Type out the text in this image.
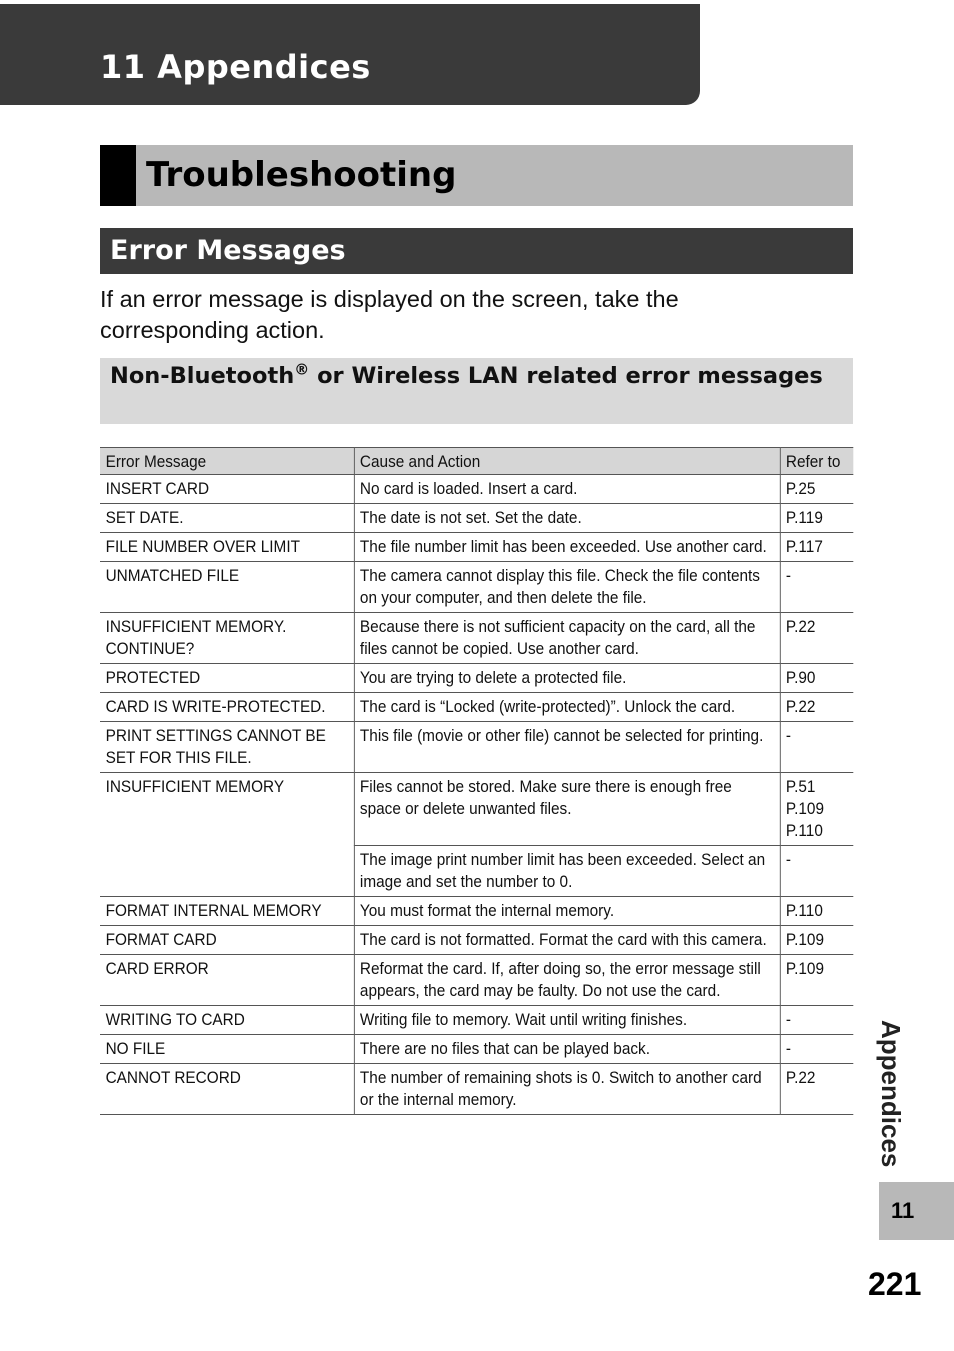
11 Appendices
Troubleshooting
Error Messages

If an error message is displayed on the screen, take the corresponding action.

Non-Bluetooth® or Wireless LAN related error messages
Error Message	Cause and Action	Refer to
INSERT CARD	No card is loaded. Insert a card.	P.25
SET DATE.	The date is not set. Set the date.	P.119
FILE NUMBER OVER LIMIT	The file number limit has been exceeded. Use another card.	P.117
UNMATCHED FILE	The camera cannot display this file. Check the file contents on your computer, and then delete the file.	-
INSUFFICIENT MEMORY. CONTINUE?	Because there is not sufficient capacity on the card, all the files cannot be copied. Use another card.	P.22
PROTECTED	You are trying to delete a protected file.	P.90
CARD IS WRITE-PROTECTED.	The card is “Locked (write-protected)”. Unlock the card.	P.22
PRINT SETTINGS CANNOT BE SET FOR THIS FILE.	This file (movie or other file) cannot be selected for printing.	-
INSUFFICIENT MEMORY	Files cannot be stored. Make sure there is enough free space or delete unwanted files.	P.51
P.109
P.110
	The image print number limit has been exceeded. Select an image and set the number to 0.	-
FORMAT INTERNAL MEMORY	You must format the internal memory.	P.110
FORMAT CARD	The card is not formatted. Format the card with this camera.	P.109
CARD ERROR	Reformat the card. If, after doing so, the error message still appears, the card may be faulty. Do not use the card.	P.109
WRITING TO CARD	Writing file to memory. Wait until writing finishes.	-
NO FILE	There are no files that can be played back.	-
CANNOT RECORD	The number of remaining shots is 0. Switch to another card or the internal memory.	P.22 Appendices
11
221
